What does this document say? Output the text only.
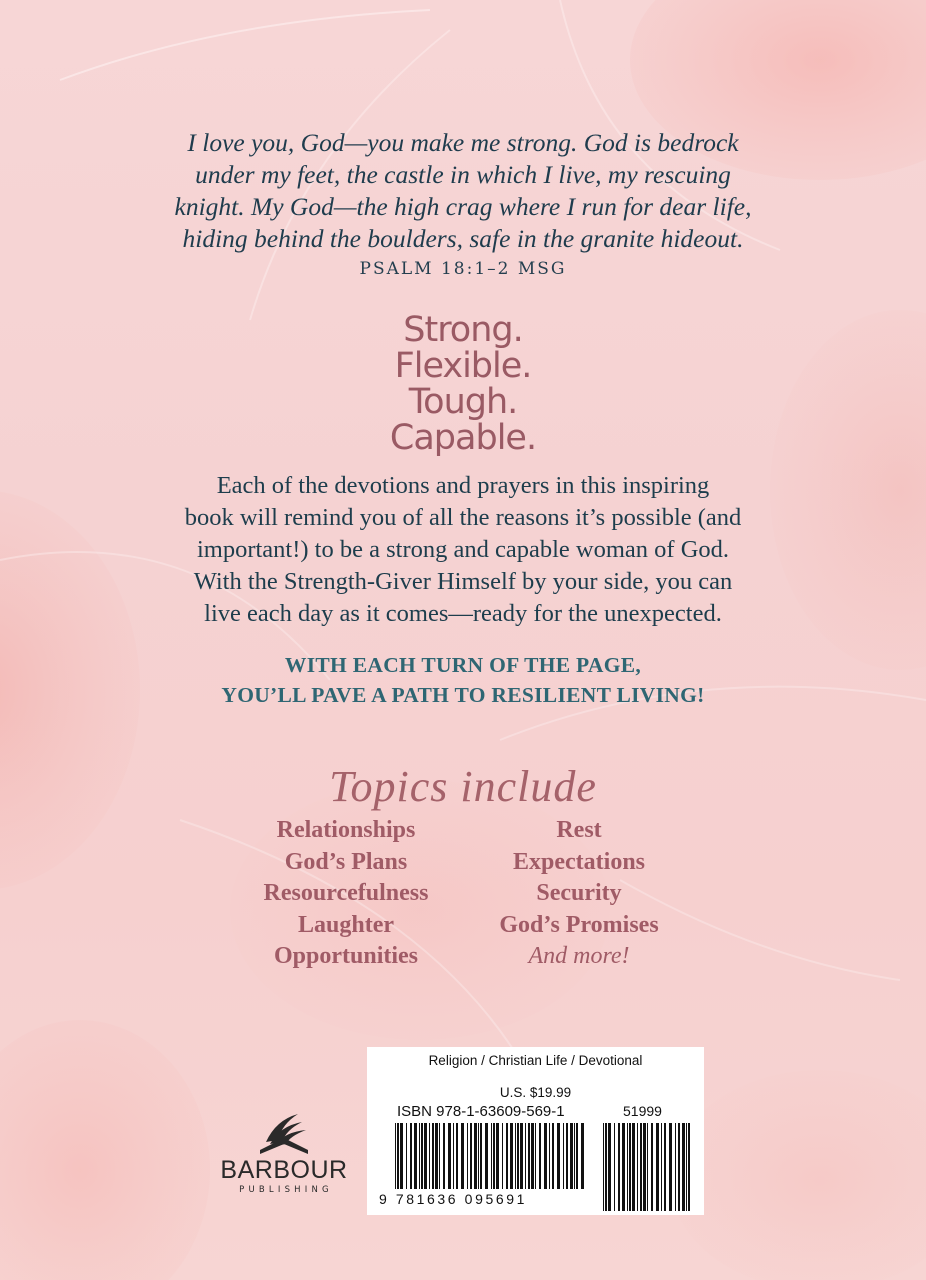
I love you, God—you make me strong. God is bedrock
under my feet, the castle in which I live, my rescuing
knight. My God—the high crag where I run for dear life,
hiding behind the boulders, safe in the granite hideout.
PSALM 18:1–2 MSG
Strong.
Flexible.
Tough.
Capable.
Each of the devotions and prayers in this inspiring
book will remind you of all the reasons it’s possible (and
important!) to be a strong and capable woman of God.
With the Strength-Giver Himself by your side, you can
live each day as it comes—ready for the unexpected.
WITH EACH TURN OF THE PAGE,
YOU’LL PAVE A PATH TO RESILIENT LIVING!
Topics include
Relationships
God’s Plans
Resourcefulness
Laughter
Opportunities
Rest
Expectations
Security
God’s Promises
And more!
BARBOUR
PUBLISHING
Religion / Christian Life / Devotional
U.S. $19.99
ISBN 978-1-63609-569-1	51999
9 781636 095691
